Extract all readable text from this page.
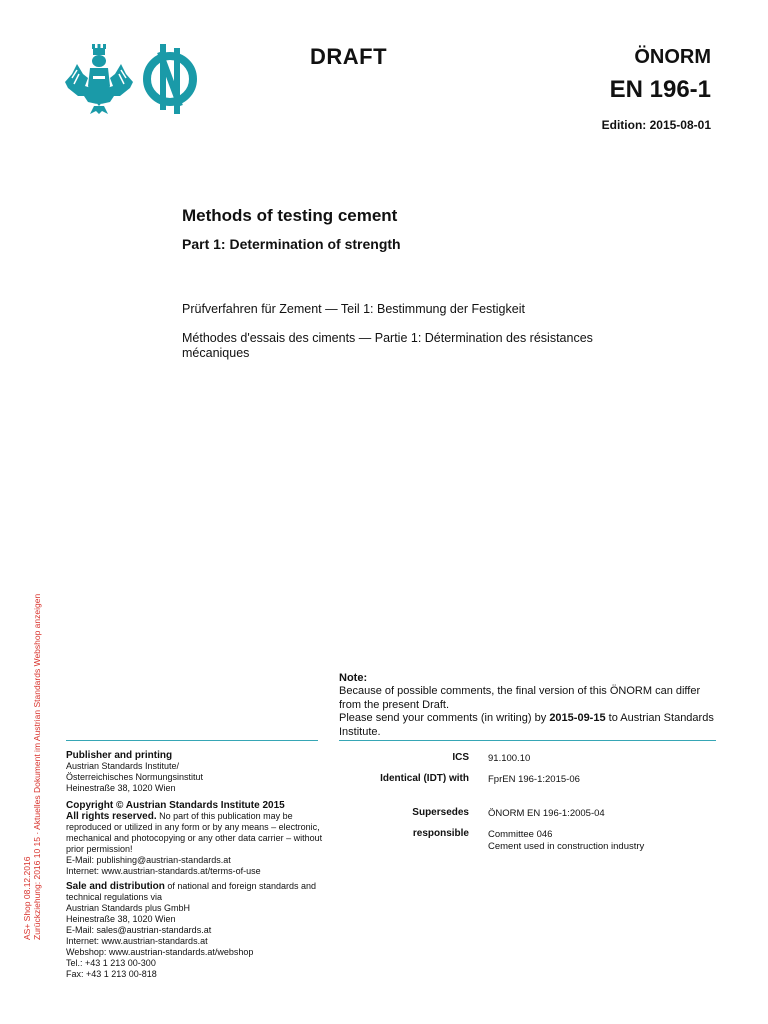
DRAFT	ÖNORM
EN 196-1
Edition: 2015-08-01
Methods of testing cement
Part 1: Determination of strength
Prüfverfahren für Zement — Teil 1: Bestimmung der Festigkeit
Méthodes d'essais des ciments — Partie 1: Détermination des résistances mécaniques
Note:
Because of possible comments, the final version of this ÖNORM can differ from the present Draft.
Please send your comments (in writing) by 2015-09-15 to Austrian Standards Institute.

Publisher and printing

Austrian Standards Institute/

Österreichisches Normungsinstitut

Heinestraße 38, 1020 Wien

Copyright © Austrian Standards Institute 2015

All rights reserved. No part of this publication may be reproduced or utilized in any form or by any means – electronic, mechanical and photocopying or any other data carrier – without prior permission!

E-Mail: publishing@austrian-standards.at

Internet: www.austrian-standards.at/terms-of-use

Sale and distribution of national and foreign standards and technical regulations via

Austrian Standards plus GmbH

Heinestraße 38, 1020 Wien

E-Mail: sales@austrian-standards.at

Internet: www.austrian-standards.at

Webshop: www.austrian-standards.at/webshop

Tel.: +43 1 213 00-300

Fax: +43 1 213 00-818

ICS 91.100.10
Identical (IDT) with FprEN 196-1:2015-06
Supersedes ÖNORM EN 196-1:2005-04
responsible Committee 046
Cement used in construction industry
AS+ Shop 08.12.2016 Zurückziehung: 2016 10 15 · Aktuelles Dokument im Austrian Standards Webshop anzeigen
